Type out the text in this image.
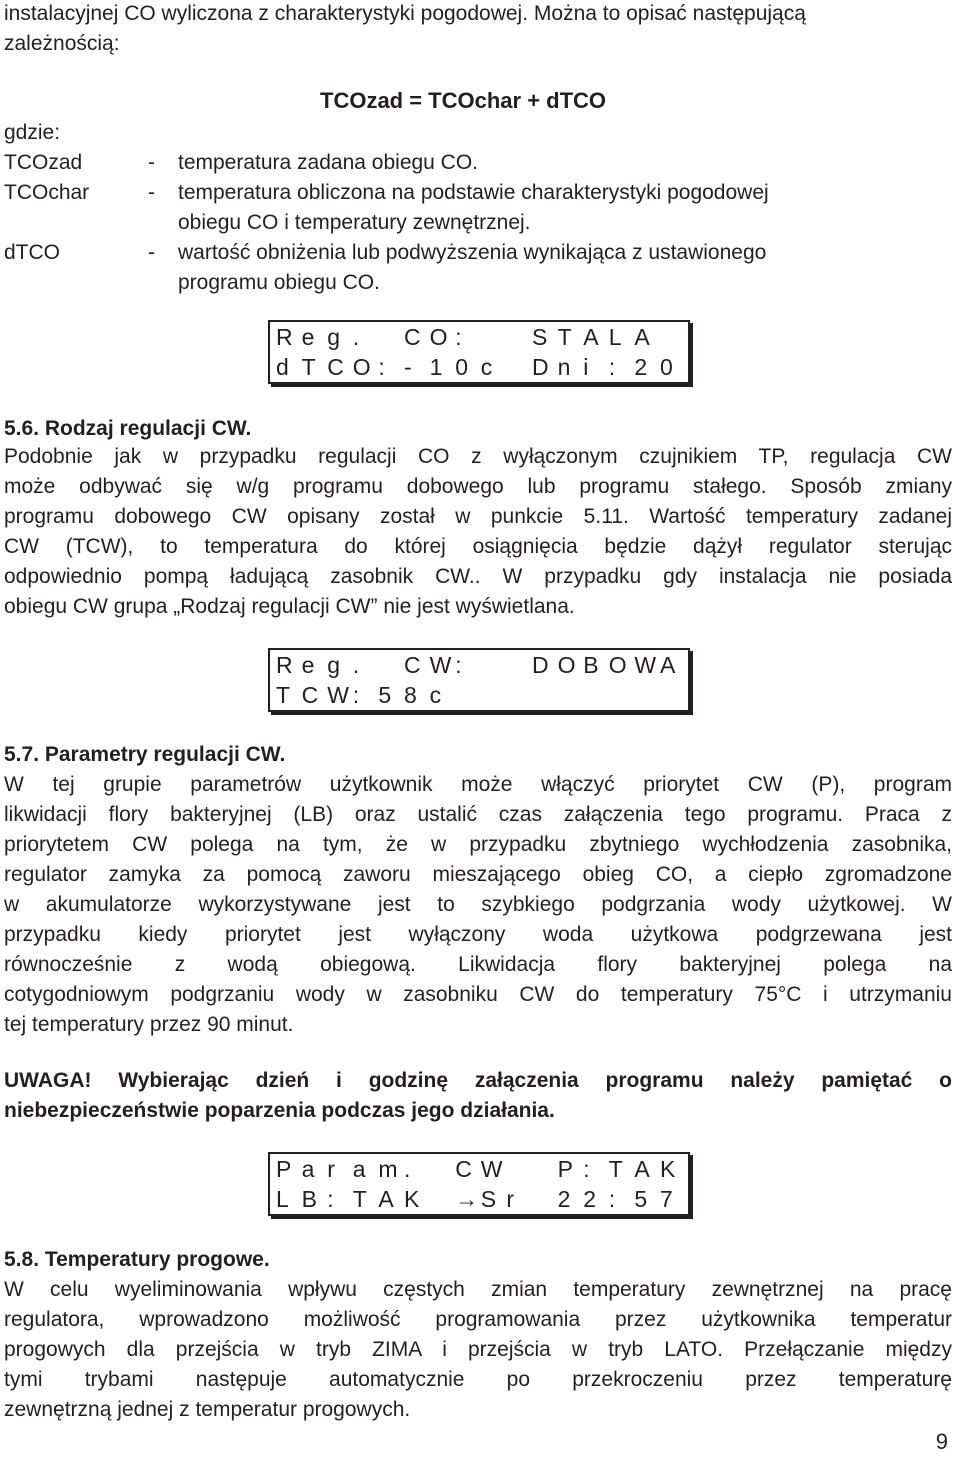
instalacyjnej CO wyliczona z charakterystyki pogodowej. Można to opisać następującą
zależnością:
TCOzad = TCOchar + dTCO
gdzie:
TCOzad	- temperatura zadana obiegu CO.
TCOchar	- temperatura obliczona na podstawie charakterystyki pogodowej
obiegu CO i temperatury zewnętrznej.
dTCO	- wartość obniżenia lub podwyższenia wynikająca z ustawionego
programu obiegu CO.
R e g . C O :	S T A L A
d T C O : - 1 0 c D n i : 2 0
5.6. Rodzaj regulacji CW.
Podobnie jak w przypadku regulacji CO z wyłączonym czujnikiem TP, regulacja CW
może odbywać się w/g programu dobowego lub programu stałego. Sposób zmiany
programu dobowego CW opisany został w punkcie 5.11. Wartość temperatury zadanej
CW (TCW), to temperatura do której osiągnięcia będzie dążył regulator sterując
odpowiednio pompą ładującą zasobnik CW.. W przypadku gdy instalacja nie posiada
obiegu CW grupa „Rodzaj regulacji CW” nie jest wyświetlana.
R e g . C W :	D O B O W A
T C W : 5 8 c
5.7. Parametry regulacji CW.
W tej grupie parametrów użytkownik może włączyć priorytet CW (P), program
likwidacji flory bakteryjnej (LB) oraz ustalić czas załączenia tego programu. Praca z
priorytetem CW polega na tym, że w przypadku zbytniego wychłodzenia zasobnika,
regulator zamyka za pomocą zaworu mieszającego obieg CO, a ciepło zgromadzone
w akumulatorze wykorzystywane jest to szybkiego podgrzania wody użytkowej. W
przypadku kiedy priorytet jest wyłączony woda użytkowa podgrzewana jest
równocześnie z wodą obiegową. Likwidacja flory bakteryjnej polega na
cotygodniowym podgrzaniu wody w zasobniku CW do temperatury 75°C i utrzymaniu
tej temperatury przez 90 minut.
UWAGA! Wybierając dzień i godzinę załączenia programu należy pamiętać o
niebezpieczeństwie poparzenia podczas jego działania.
P a r a m . C W P : T A K
L B : T A K → S r 2 2 : 5 7
5.8. Temperatury progowe.
W celu wyeliminowania wpływu częstych zmian temperatury zewnętrznej na pracę
regulatora, wprowadzono możliwość programowania przez użytkownika temperatur
progowych dla przejścia w tryb ZIMA i przejścia w tryb LATO. Przełączanie między
tymi trybami następuje automatycznie po przekroczeniu przez temperaturę
zewnętrzną jednej z temperatur progowych.
9
